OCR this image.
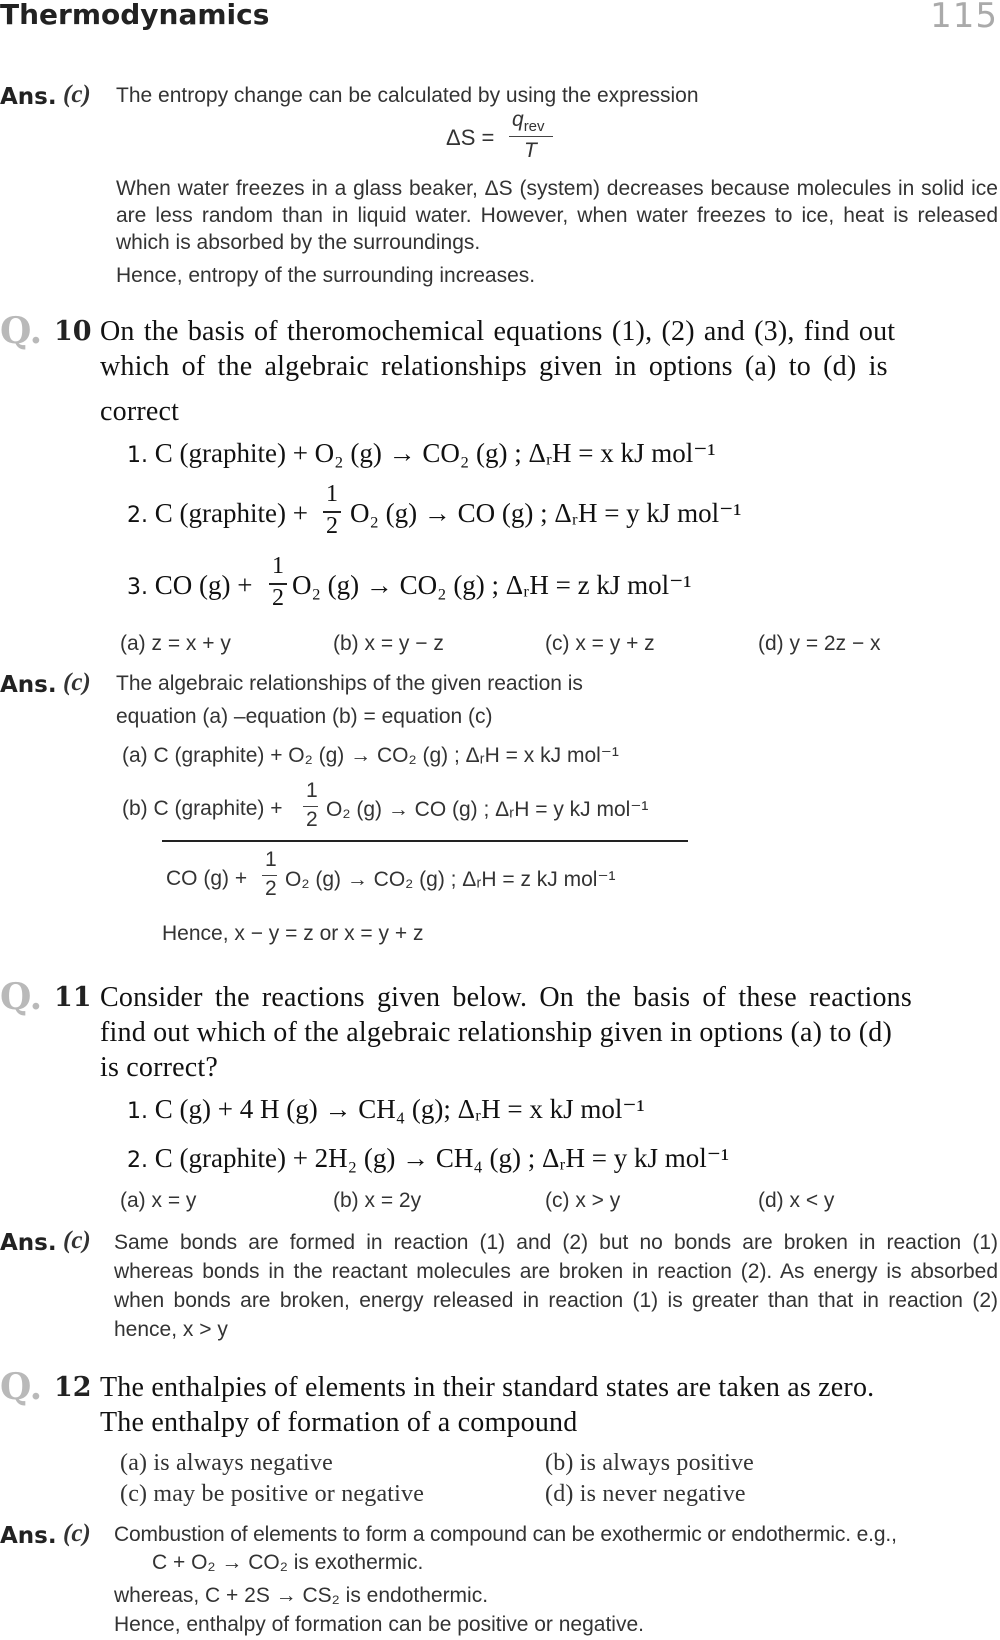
Thermodynamics	115
Ans. (c) The entropy change can be calculated by using the expression
ΔS =
$q_{rev}$
T
When water freezes in a glass beaker, ΔS (system) decreases because molecules in solid ice are less random than in liquid water. However, when water freezes to ice, heat is released which is absorbed by the surroundings.
Hence, entropy of the surrounding increases.
Q. 10 On the basis of theromochemical equations (1), (2) and (3), find out
which of the algebraic relationships given in options (a) to (d) is
correct
1. C (graphite) + O₂ (g) → CO₂ (g) ; ΔᵣH = x kJ mol⁻¹
2. C (graphite) +
1
2 O₂ (g) → CO (g) ; ΔᵣH = y kJ mol⁻¹
3. CO (g) +
1
2 O₂ (g) → CO₂ (g) ; ΔᵣH = z kJ mol⁻¹
(a) z = x + y	(b) x = y − z	(c) x = y + z	(d) y = 2z − x
Ans. (c) The algebraic relationships of the given reaction is
equation (a) –equation (b) = equation (c)
(a) C (graphite) + O₂ (g) → CO₂ (g) ; ΔᵣH = x kJ mol⁻¹
(b) C (graphite) +
1
2 O₂ (g) → CO (g) ; ΔᵣH = y kJ mol⁻¹
CO (g) +
1
2 O₂ (g) → CO₂ (g) ; ΔᵣH = z kJ mol⁻¹
Hence, x − y = z or x = y + z
Q. 11 Consider the reactions given below. On the basis of these reactions
find out which of the algebraic relationship given in options (a) to (d)
is correct?
1. C (g) + 4 H (g) → CH₄ (g); ΔᵣH = x kJ mol⁻¹
2. C (graphite) + 2H₂ (g) → CH₄ (g) ; ΔᵣH = y kJ mol⁻¹
(a) x = y	(b) x = 2y	(c) x > y	(d) x < y
Ans. (c) Same bonds are formed in reaction (1) and (2) but no bonds are broken in reaction (1) whereas bonds in the reactant molecules are broken in reaction (2). As energy is absorbed when bonds are broken, energy released in reaction (1) is greater than that in reaction (2) hence, x > y
Q. 12 The enthalpies of elements in their standard states are taken as zero.
The enthalpy of formation of a compound
(a) is always negative	(b) is always positive
(c) may be positive or negative	(d) is never negative
Ans. (c) Combustion of elements to form a compound can be exothermic or endothermic. e.g.,
C + O₂ → CO₂ is exothermic.
whereas, C + 2S → CS₂ is endothermic.
Hence, enthalpy of formation can be positive or negative.
